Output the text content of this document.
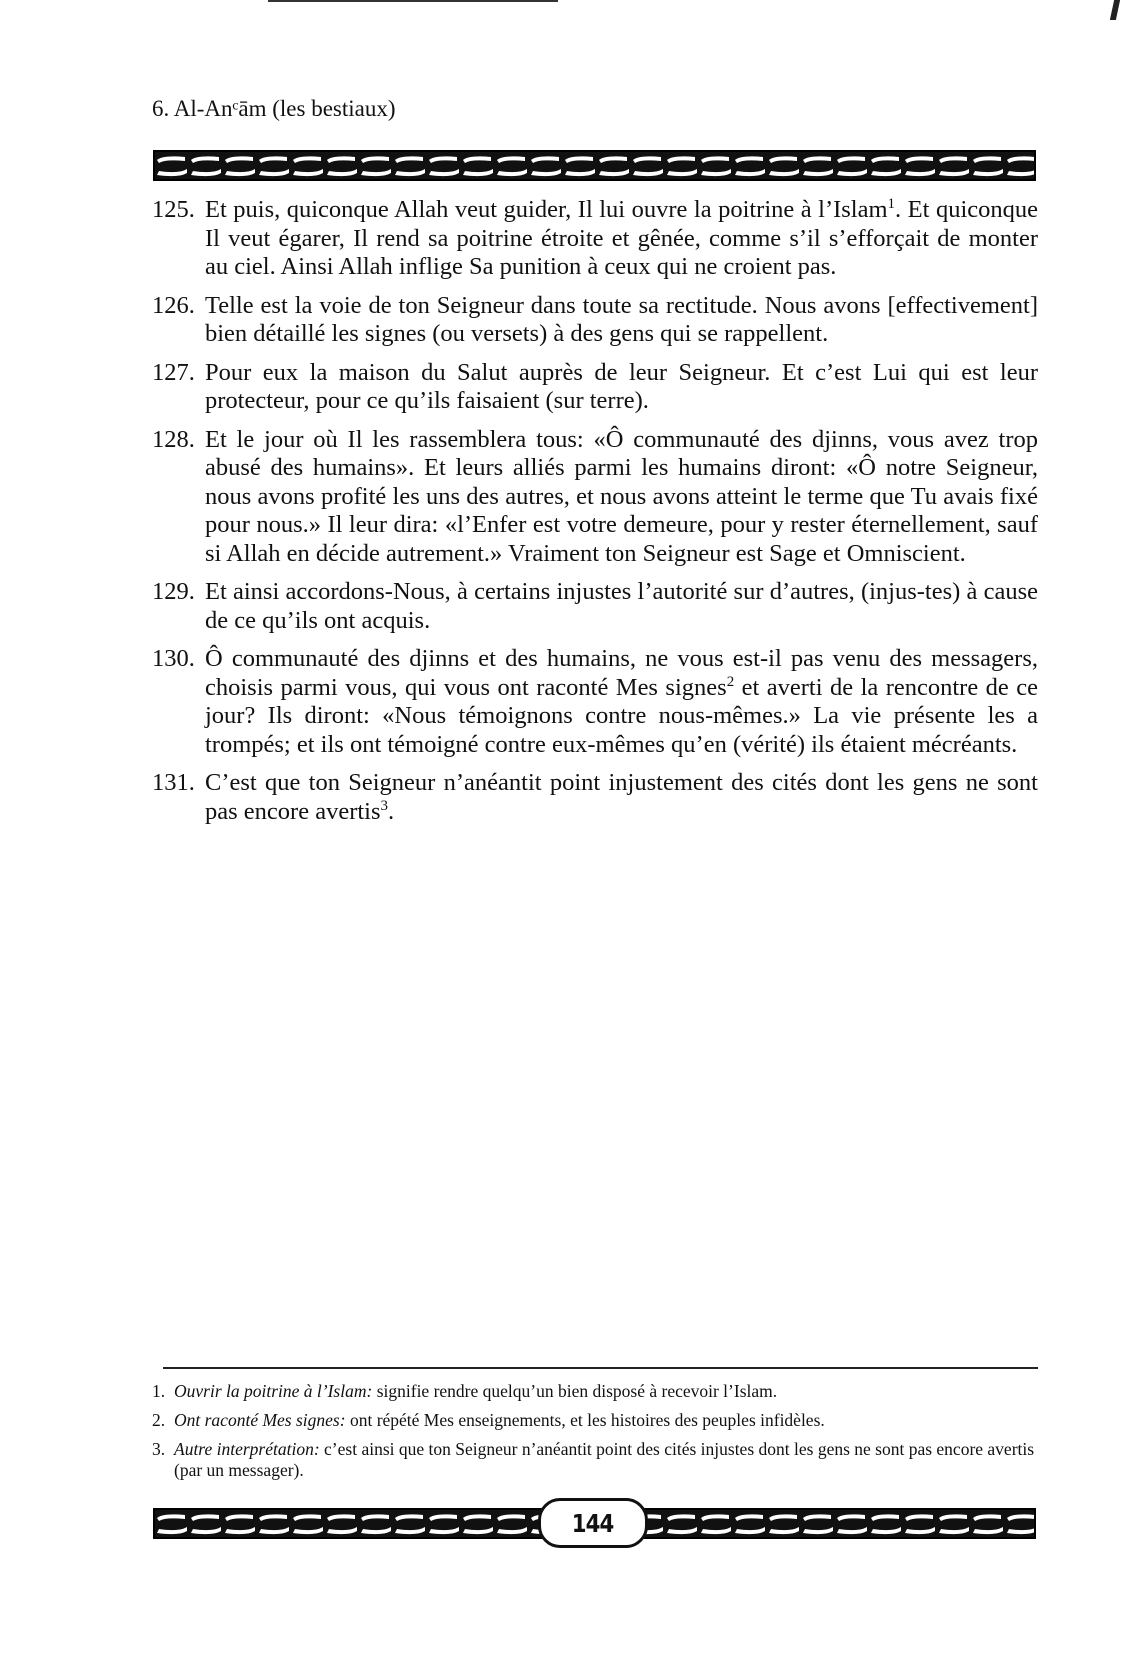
6. Al-Anᶜām (les bestiaux)
125. Et puis, quiconque Allah veut guider, Il lui ouvre la poitrine à l’Islam$^1$. Et quiconque Il veut égarer, Il rend sa poitrine étroite et gênée, comme s’il s’efforçait de monter au ciel. Ainsi Allah inflige Sa punition à ceux qui ne croient pas.
126. Telle est la voie de ton Seigneur dans toute sa rectitude. Nous avons [effectivement] bien détaillé les signes (ou versets) à des gens qui se rappellent.
127. Pour eux la maison du Salut auprès de leur Seigneur. Et c’est Lui qui est leur protecteur, pour ce qu’ils faisaient (sur terre).
128. Et le jour où Il les rassemblera tous: «Ô communauté des djinns, vous avez trop abusé des humains». Et leurs alliés parmi les humains diront: «Ô notre Seigneur, nous avons profité les uns des autres, et nous avons atteint le terme que Tu avais fixé pour nous.» Il leur dira: «l’Enfer est votre demeure, pour y rester éternellement, sauf si Allah en décide autrement.» Vraiment ton Seigneur est Sage et Omniscient.
129. Et ainsi accordons-Nous, à certains injustes l’autorité sur d’autres, (injus-tes) à cause de ce qu’ils ont acquis.
130. Ô communauté des djinns et des humains, ne vous est-il pas venu des messagers, choisis parmi vous, qui vous ont raconté Mes signes$^2$ et averti de la rencontre de ce jour? Ils diront: «Nous témoignons contre nous-mêmes.» La vie présente les a trompés; et ils ont témoigné contre eux-mêmes qu’en (vérité) ils étaient mécréants.
131. C’est que ton Seigneur n’anéantit point injustement des cités dont les gens ne sont pas encore avertis$^3$.
1. Ouvrir la poitrine à l’Islam: signifie rendre quelqu’un bien disposé à recevoir l’Islam.
2. Ont raconté Mes signes: ont répété Mes enseignements, et les histoires des peuples infidèles.
3. Autre interprétation: c’est ainsi que ton Seigneur n’anéantit point des cités injustes dont les gens ne sont pas encore avertis (par un messager).
144
